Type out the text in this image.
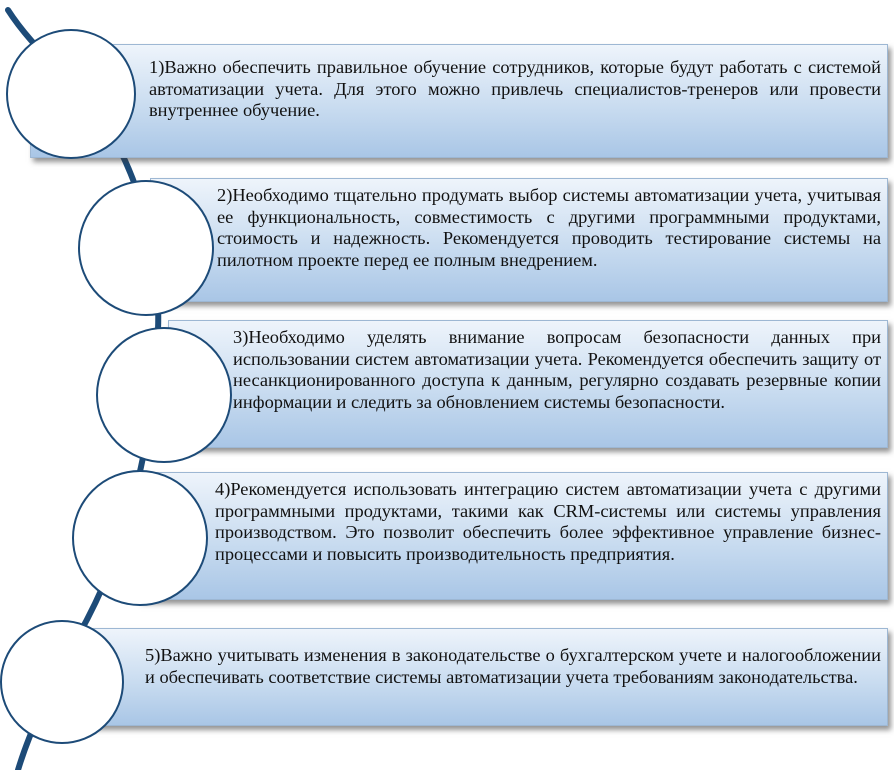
1)Важно обеспечить правильное обучение сотрудников, которые будут работать с системой автоматизации учета. Для этого можно привлечь специалистов-тренеров или провести внутреннее обучение.

2)Необходимо тщательно продумать выбор системы автоматизации учета, учитывая ее функциональность, совместимость с другими программными продуктами, стоимость и надежность. Рекомендуется проводить тестирование системы на пилотном проекте перед ее полным внедрением.

3)Необходимо уделять внимание вопросам безопасности данных при использовании систем автоматизации учета. Рекомендуется обеспечить защиту от несанкционированного доступа к данным, регулярно создавать резервные копии информации и следить за обновлением системы безопасности.

4)Рекомендуется использовать интеграцию систем автоматизации учета с другими программными продуктами, такими как CRM-системы или системы управления производством. Это позволит обеспечить более эффективное управление бизнес-процессами и повысить производительность предприятия.

5)Важно учитывать изменения в законодательстве о бухгалтерском учете и налогообложении и обеспечивать соответствие системы автоматизации учета требованиям законодательства.
